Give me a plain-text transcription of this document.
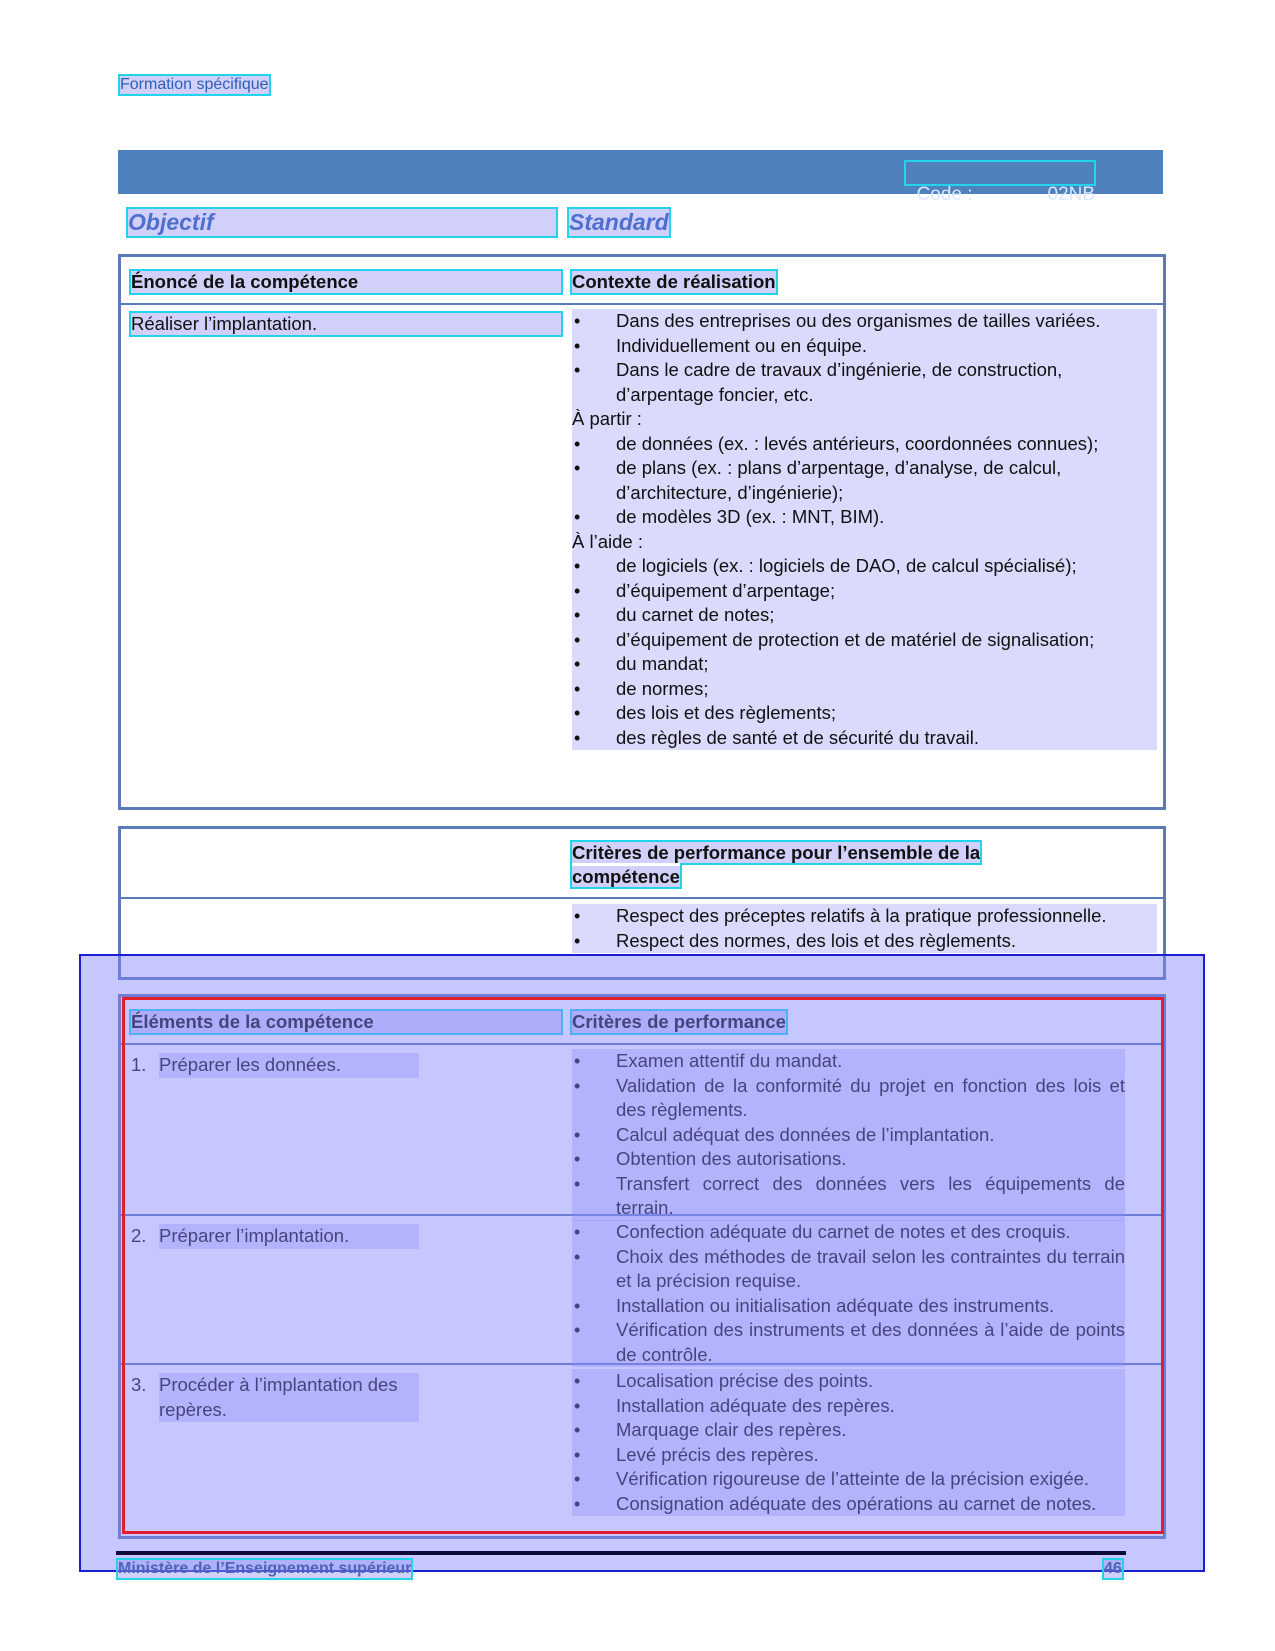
Formation spécifique

Code :	02NB

Objectif	Standard
Énoncé de la compétence	Contexte de réalisation
Réaliser l’implantation.	• Dans des entreprises ou des organismes de tailles variées.
• Individuellement ou en équipe.
• Dans le cadre de travaux d’ingénierie, de construction, d’arpentage foncier, etc.
À partir :
• de données (ex. : levés antérieurs, coordonnées connues);
• de plans (ex. : plans d’arpentage, d’analyse, de calcul, d’architecture, d’ingénierie);
• de modèles 3D (ex. : MNT, BIM).
À l’aide :
• de logiciels (ex. : logiciels de DAO, de calcul spécialisé);
• d’équipement d’arpentage;
• du carnet de notes;
• d’équipement de protection et de matériel de signalisation;
• du mandat;
• de normes;
• des lois et des règlements;
• des règles de santé et de sécurité du travail.
Critères de performance pour l’ensemble de la compétence
• Respect des préceptes relatifs à la pratique professionnelle.
• Respect des normes, des lois et des règlements.
Éléments de la compétence	Critères de performance
1. Préparer les données.	• Examen attentif du mandat.
• Validation de la conformité du projet en fonction des lois et des règlements.
• Calcul adéquat des données de l’implantation.
• Obtention des autorisations.
• Transfert correct des données vers les équipements de terrain.
2. Préparer l’implantation.	• Confection adéquate du carnet de notes et des croquis.
• Choix des méthodes de travail selon les contraintes du terrain et la précision requise.
• Installation ou initialisation adéquate des instruments.
• Vérification des instruments et des données à l’aide de points de contrôle.
3. Procéder à l’implantation des repères.
• Localisation précise des points.
• Installation adéquate des repères.
• Marquage clair des repères.
• Levé précis des repères.
• Vérification rigoureuse de l’atteinte de la précision exigée.
• Consignation adéquate des opérations au carnet de notes.
Ministère de l’Enseignement supérieur	46
